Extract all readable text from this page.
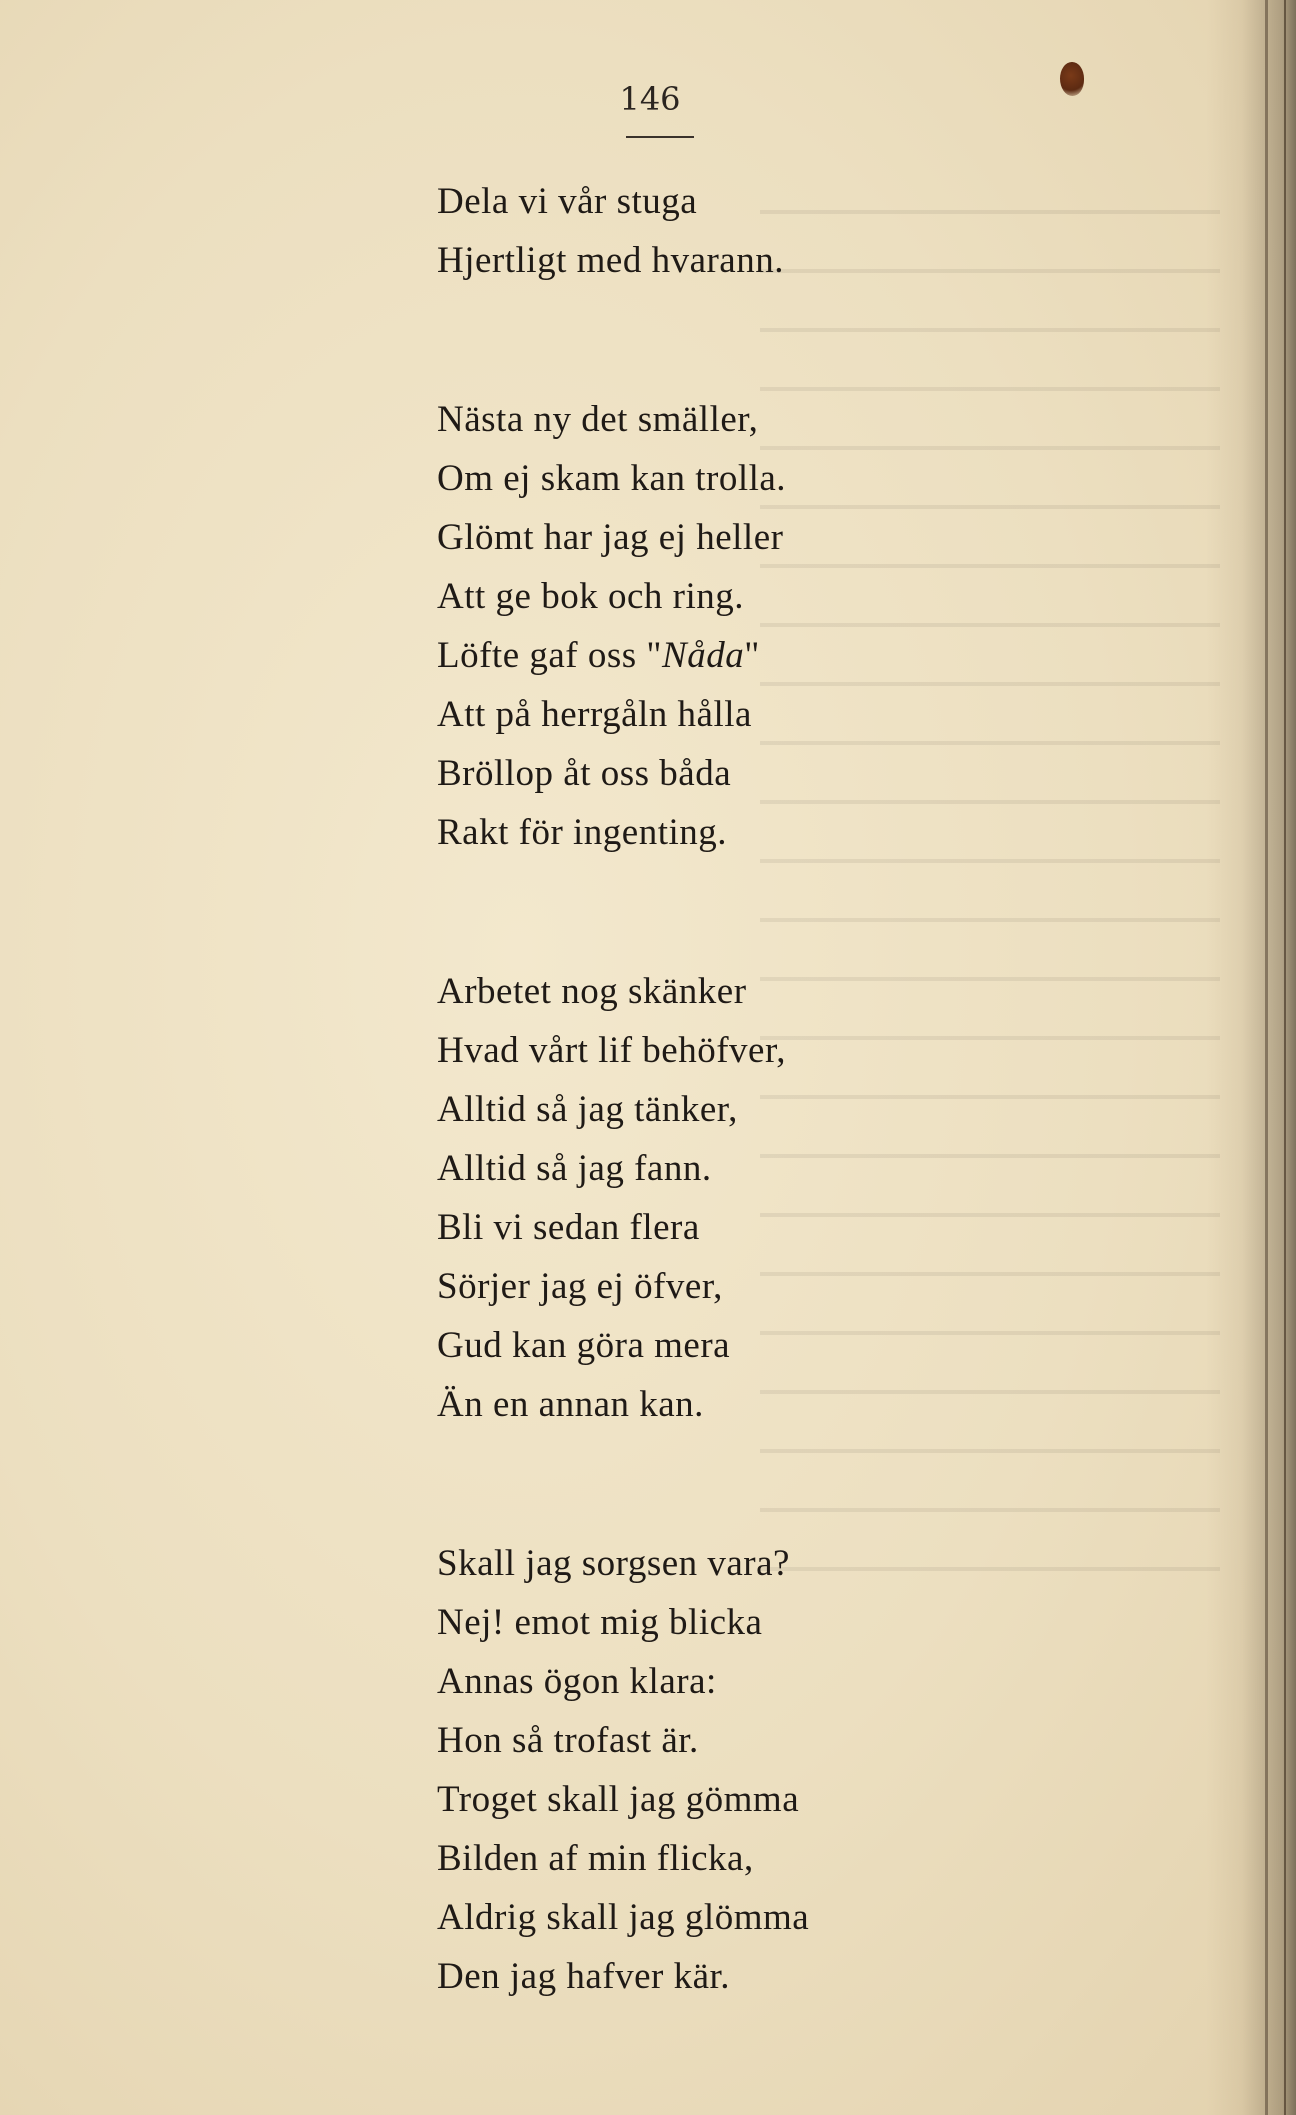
146
Dela vi vår stuga
Hjertligt med hvarann.
Nästa ny det smäller,
Om ej skam kan trolla.
Glömt har jag ej heller
Att ge bok och ring.
Löfte gaf oss "Nåda"
Att på herrgåln hålla
Bröllop åt oss båda
Rakt för ingenting.
Arbetet nog skänker
Hvad vårt lif behöfver,
Alltid så jag tänker,
Alltid så jag fann.
Bli vi sedan flera
Sörjer jag ej öfver,
Gud kan göra mera
Än en annan kan.
Skall jag sorgsen vara?
Nej! emot mig blicka
Annas ögon klara:
Hon så trofast är.
Troget skall jag gömma
Bilden af min flicka,
Aldrig skall jag glömma
Den jag hafver kär.
